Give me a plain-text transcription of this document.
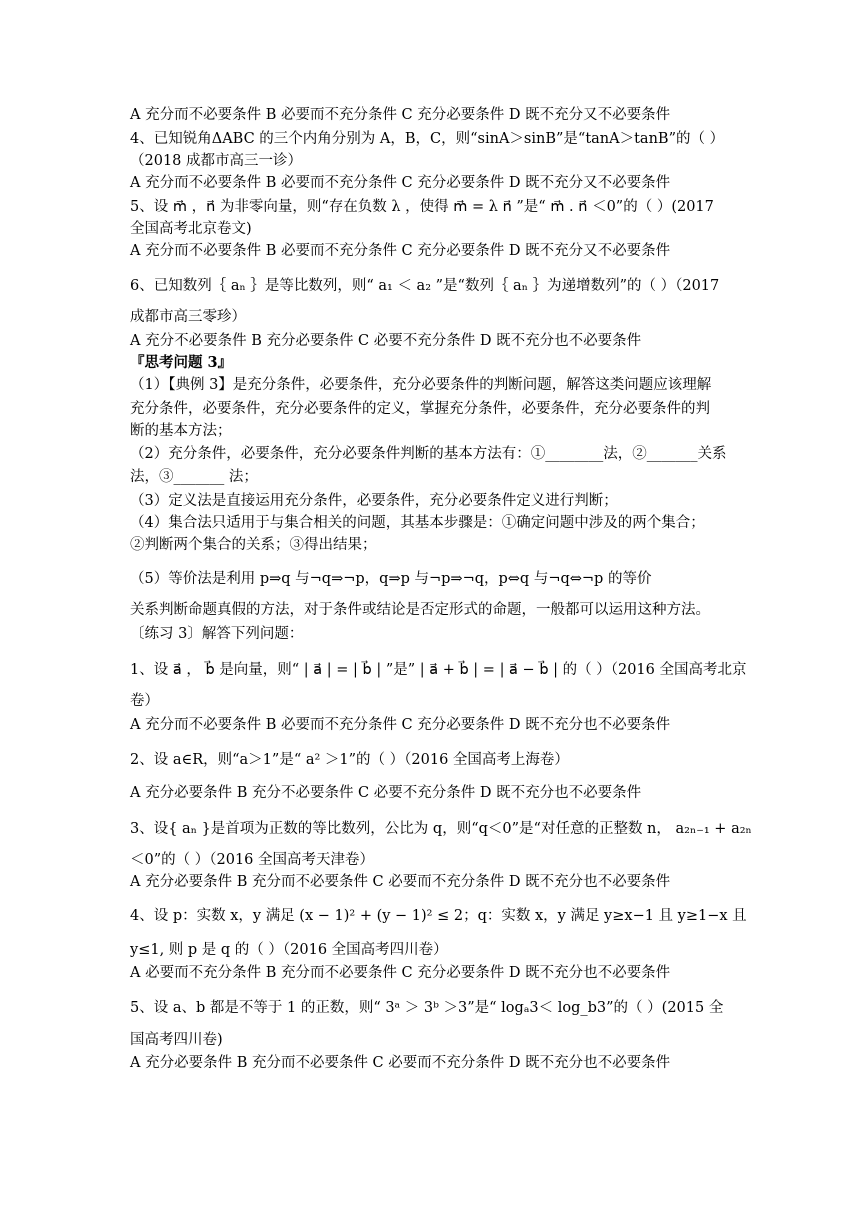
A 充分而不必要条件 B 必要而不充分条件 C 充分必要条件 D 既不充分又不必要条件
4、已知锐角ΔABC 的三个内角分别为 A，B，C，则“sinA＞sinB”是“tanA＞tanB”的（ ）
（2018 成都市高三一诊）
A 充分而不必要条件 B 必要而不充分条件 C 充分必要条件 D 既不充分又不必要条件
5、设 m⃗ ，n⃗ 为非零向量，则“存在负数 λ ，使得 m⃗ = λ n⃗ ”是“ m⃗ . n⃗ ＜0”的（ ）(2017
全国高考北京卷文)
A 充分而不必要条件 B 必要而不充分条件 C 充分必要条件 D 既不充分又不必要条件
6、已知数列｛ aₙ ｝是等比数列，则“ a₁ ＜ a₂ ”是“数列｛ aₙ ｝为递增数列”的（ ）（2017
成都市高三零珍）
A 充分不必要条件 B 充分必要条件 C 必要不充分条件 D 既不充分也不必要条件
『思考问题 3』
（1）【典例 3】是充分条件，必要条件，充分必要条件的判断问题，解答这类问题应该理解
充分条件，必要条件，充分必要条件的定义，掌握充分条件，必要条件，充分必要条件的判
断的基本方法；
（2）充分条件，必要条件，充分必要条件判断的基本方法有：①________法，②_______关系
法，③_______ 法；
（3）定义法是直接运用充分条件，必要条件，充分必要条件定义进行判断；
（4）集合法只适用于与集合相关的问题，其基本步骤是：①确定问题中涉及的两个集合；
②判断两个集合的关系；③得出结果；
（5）等价法是利用 p⇒q 与¬q⇒¬p，q⇒p 与¬p⇒¬q，p⇔q 与¬q⇔¬p 的等价
关系判断命题真假的方法，对于条件或结论是否定形式的命题，一般都可以运用这种方法。
〔练习 3〕解答下列问题：
1、设 a⃗ ， b⃗ 是向量，则“ | a⃗ | = | b⃗ | ”是” | a⃗ + b⃗ | = | a⃗ − b⃗ | 的（ ）（2016 全国高考北京
卷）
A 充分而不必要条件 B 必要而不充分条件 C 充分必要条件 D 既不充分也不必要条件
2、设 a∈R，则“a＞1”是“ a² ＞1”的（ ）（2016 全国高考上海卷）
A 充分必要条件 B 充分不必要条件 C 必要不充分条件 D 既不充分也不必要条件
3、设{ aₙ }是首项为正数的等比数列，公比为 q，则“q＜0”是“对任意的正整数 n， a₂ₙ₋₁ + a₂ₙ
＜0”的（ ）（2016 全国高考天津卷）
A 充分必要条件 B 充分而不必要条件 C 必要而不充分条件 D 既不充分也不必要条件
4、设 p：实数 x，y 满足 (x − 1)² + (y − 1)² ≤ 2；q：实数 x，y 满足 y≥x−1 且 y≥1−x 且
y≤1, 则 p 是 q 的（ ）（2016 全国高考四川卷）
A 必要而不充分条件 B 充分而不必要条件 C 充分必要条件 D 既不充分也不必要条件
5、设 a、b 都是不等于 1 的正数，则“ 3ᵃ ＞ 3ᵇ ＞3”是“ logₐ3＜ log_b3”的（ ）(2015 全
国高考四川卷)
A 充分必要条件 B 充分而不必要条件 C 必要而不充分条件 D 既不充分也不必要条件
